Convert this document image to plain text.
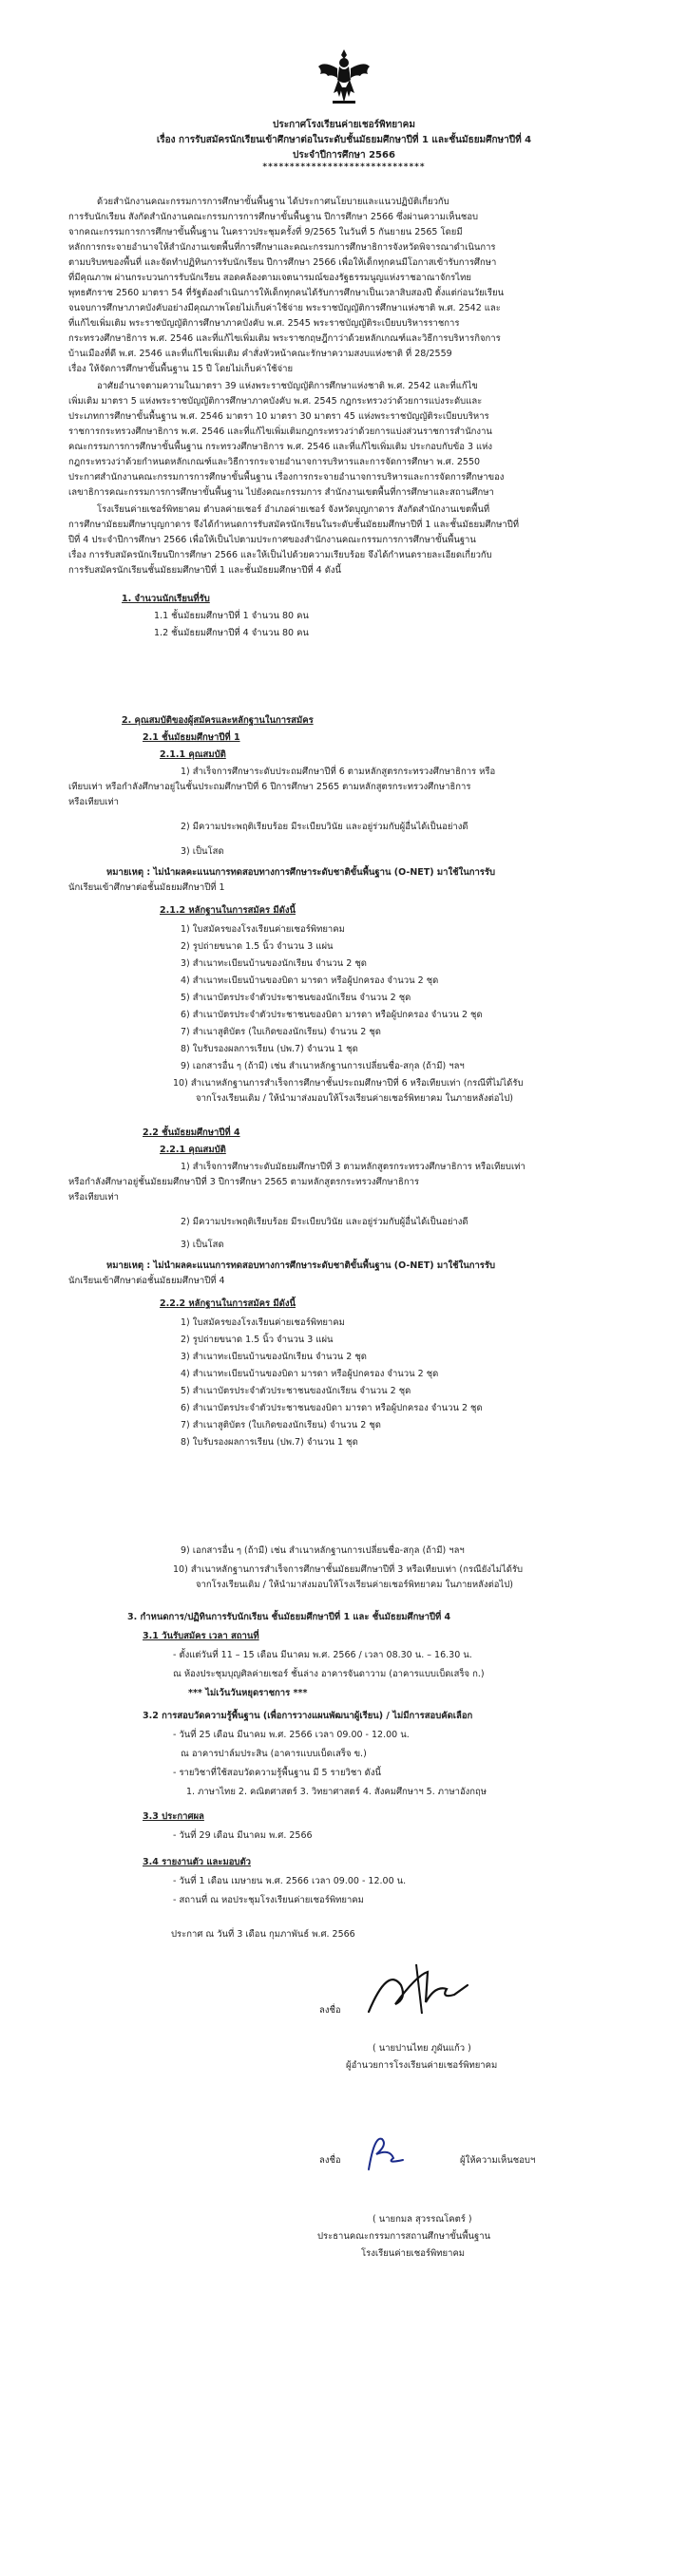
ประกาศโรงเรียนค่ายเชอร์พิทยาคม
เรื่อง การรับสมัครนักเรียนเข้าศึกษาต่อในระดับชั้นมัธยมศึกษาปีที่ 1 และชั้นมัธยมศึกษาปีที่ 4
ประจำปีการศึกษา 2566
******************************
ด้วยสำนักงานคณะกรรมการการศึกษาขั้นพื้นฐาน ได้ประกาศนโยบายและแนวปฏิบัติเกี่ยวกับ
การรับนักเรียน สังกัดสำนักงานคณะกรรมการการศึกษาขั้นพื้นฐาน ปีการศึกษา 2566 ซึ่งผ่านความเห็นชอบ
จากคณะกรรมการการศึกษาขั้นพื้นฐาน ในคราวประชุมครั้งที่ 9/2565 ในวันที่ 5 กันยายน 2565 โดยมี
หลักการกระจายอำนาจให้สำนักงานเขตพื้นที่การศึกษาและคณะกรรมการศึกษาธิการจังหวัดพิจารณาดำเนินการ
ตามบริบทของพื้นที่ และจัดทำปฏิทินการรับนักเรียน ปีการศึกษา 2566 เพื่อให้เด็กทุกคนมีโอกาสเข้ารับการศึกษา
ที่มีคุณภาพ ผ่านกระบวนการรับนักเรียน สอดคล้องตามเจตนารมณ์ของรัฐธรรมนูญแห่งราชอาณาจักรไทย
พุทธศักราช 2560 มาตรา 54 ที่รัฐต้องดำเนินการให้เด็กทุกคนได้รับการศึกษาเป็นเวลาสิบสองปี ตั้งแต่ก่อนวัยเรียน
จนจบการศึกษาภาคบังคับอย่างมีคุณภาพโดยไม่เก็บค่าใช้จ่าย พระราชบัญญัติการศึกษาแห่งชาติ พ.ศ. 2542 และ
ที่แก้ไขเพิ่มเติม พระราชบัญญัติการศึกษาภาคบังคับ พ.ศ. 2545 พระราชบัญญัติระเบียบบริหารราชการ
กระทรวงศึกษาธิการ พ.ศ. 2546 และที่แก้ไขเพิ่มเติม พระราชกฤษฎีกาว่าด้วยหลักเกณฑ์และวิธีการบริหารกิจการ
บ้านเมืองที่ดี พ.ศ. 2546 และที่แก้ไขเพิ่มเติม คำสั่งหัวหน้าคณะรักษาความสงบแห่งชาติ ที่ 28/2559
เรื่อง ให้จัดการศึกษาขั้นพื้นฐาน 15 ปี โดยไม่เก็บค่าใช้จ่าย
อาศัยอำนาจตามความในมาตรา 39 แห่งพระราชบัญญัติการศึกษาแห่งชาติ พ.ศ. 2542 และที่แก้ไข
เพิ่มเติม มาตรา 5 แห่งพระราชบัญญัติการศึกษาภาคบังคับ พ.ศ. 2545 กฎกระทรวงว่าด้วยการแบ่งระดับและ
ประเภทการศึกษาขั้นพื้นฐาน พ.ศ. 2546 มาตรา 10 มาตรา 30 มาตรา 45 แห่งพระราชบัญญัติระเบียบบริหาร
ราชการกระทรวงศึกษาธิการ พ.ศ. 2546 และที่แก้ไขเพิ่มเติมกฎกระทรวงว่าด้วยการแบ่งส่วนราชการสำนักงาน
คณะกรรมการการศึกษาขั้นพื้นฐาน กระทรวงศึกษาธิการ พ.ศ. 2546 และที่แก้ไขเพิ่มเติม ประกอบกับข้อ 3 แห่ง
กฎกระทรวงว่าด้วยกำหนดหลักเกณฑ์และวิธีการกระจายอำนาจการบริหารและการจัดการศึกษา พ.ศ. 2550
ประกาศสำนักงานคณะกรรมการการศึกษาขั้นพื้นฐาน เรื่องการกระจายอำนาจการบริหารและการจัดการศึกษาของ
เลขาธิการคณะกรรมการการศึกษาขั้นพื้นฐาน ไปยังคณะกรรมการ สำนักงานเขตพื้นที่การศึกษาและสถานศึกษา
โรงเรียนค่ายเชอร์พิทยาคม ตำบลค่ายเชอร์ อำเภอค่ายเชอร์ จังหวัดบุญกาดาร สังกัดสำนักงานเขตพื้นที่
การศึกษามัธยมศึกษาบุญกาดาร จึงได้กำหนดการรับสมัครนักเรียนในระดับชั้นมัธยมศึกษาปีที่ 1 และชั้นมัธยมศึกษาปีที่
ปีที่ 4 ประจำปีการศึกษา 2566 เพื่อให้เป็นไปตามประกาศของสำนักงานคณะกรรมการการศึกษาขั้นพื้นฐาน
เรื่อง การรับสมัครนักเรียนปีการศึกษา 2566 และให้เป็นไปด้วยความเรียบร้อย จึงได้กำหนดรายละเอียดเกี่ยวกับ
การรับสมัครนักเรียนชั้นมัธยมศึกษาปีที่ 1 และชั้นมัธยมศึกษาปีที่ 4 ดังนี้
1. จำนวนนักเรียนที่รับ
1.1 ชั้นมัธยมศึกษาปีที่ 1 จำนวน 80 คน
1.2 ชั้นมัธยมศึกษาปีที่ 4 จำนวน 80 คน
2. คุณสมบัติของผู้สมัครและหลักฐานในการสมัคร
2.1 ชั้นมัธยมศึกษาปีที่ 1
2.1.1 คุณสมบัติ
1) สำเร็จการศึกษาระดับประถมศึกษาปีที่ 6 ตามหลักสูตรกระทรวงศึกษาธิการ หรือ
เทียบเท่า หรือกำลังศึกษาอยู่ในชั้นประถมศึกษาปีที่ 6 ปีการศึกษา 2565 ตามหลักสูตรกระทรวงศึกษาธิการ
หรือเทียบเท่า
2) มีความประพฤติเรียบร้อย มีระเบียบวินัย และอยู่ร่วมกับผู้อื่นได้เป็นอย่างดี
3) เป็นโสด
หมายเหตุ : ไม่นำผลคะแนนการทดสอบทางการศึกษาระดับชาติขั้นพื้นฐาน (O-NET) มาใช้ในการรับ
นักเรียนเข้าศึกษาต่อชั้นมัธยมศึกษาปีที่ 1
2.1.2 หลักฐานในการสมัคร มีดังนี้
1) ใบสมัครของโรงเรียนค่ายเชอร์พิทยาคม
2) รูปถ่ายขนาด 1.5 นิ้ว จำนวน 3 แผ่น
3) สำเนาทะเบียนบ้านของนักเรียน จำนวน 2 ชุด
4) สำเนาทะเบียนบ้านของบิดา มารดา หรือผู้ปกครอง จำนวน 2 ชุด
5) สำเนาบัตรประจำตัวประชาชนของนักเรียน จำนวน 2 ชุด
6) สำเนาบัตรประจำตัวประชาชนของบิดา มารดา หรือผู้ปกครอง จำนวน 2 ชุด
7) สำเนาสูติบัตร (ใบเกิดของนักเรียน) จำนวน 2 ชุด
8) ใบรับรองผลการเรียน (ปพ.7) จำนวน 1 ชุด
9) เอกสารอื่น ๆ (ถ้ามี) เช่น สำเนาหลักฐานการเปลี่ยนชื่อ-สกุล (ถ้ามี) ฯลฯ
10) สำเนาหลักฐานการสำเร็จการศึกษาชั้นประถมศึกษาปีที่ 6 หรือเทียบเท่า (กรณีที่ไม่ได้รับ
จากโรงเรียนเดิม / ให้นำมาส่งมอบให้โรงเรียนค่ายเชอร์พิทยาคม ในภายหลังต่อไป)
2.2 ชั้นมัธยมศึกษาปีที่ 4
2.2.1 คุณสมบัติ
1) สำเร็จการศึกษาระดับมัธยมศึกษาปีที่ 3 ตามหลักสูตรกระทรวงศึกษาธิการ หรือเทียบเท่า
หรือกำลังศึกษาอยู่ชั้นมัธยมศึกษาปีที่ 3 ปีการศึกษา 2565 ตามหลักสูตรกระทรวงศึกษาธิการ
หรือเทียบเท่า
2) มีความประพฤติเรียบร้อย มีระเบียบวินัย และอยู่ร่วมกับผู้อื่นได้เป็นอย่างดี
3) เป็นโสด
หมายเหตุ : ไม่นำผลคะแนนการทดสอบทางการศึกษาระดับชาติขั้นพื้นฐาน (O-NET) มาใช้ในการรับ
นักเรียนเข้าศึกษาต่อชั้นมัธยมศึกษาปีที่ 4
2.2.2 หลักฐานในการสมัคร มีดังนี้
1) ใบสมัครของโรงเรียนค่ายเชอร์พิทยาคม
2) รูปถ่ายขนาด 1.5 นิ้ว จำนวน 3 แผ่น
3) สำเนาทะเบียนบ้านของนักเรียน จำนวน 2 ชุด
4) สำเนาทะเบียนบ้านของบิดา มารดา หรือผู้ปกครอง จำนวน 2 ชุด
5) สำเนาบัตรประจำตัวประชาชนของนักเรียน จำนวน 2 ชุด
6) สำเนาบัตรประจำตัวประชาชนของบิดา มารดา หรือผู้ปกครอง จำนวน 2 ชุด
7) สำเนาสูติบัตร (ใบเกิดของนักเรียน) จำนวน 2 ชุด
8) ใบรับรองผลการเรียน (ปพ.7) จำนวน 1 ชุด
9) เอกสารอื่น ๆ (ถ้ามี) เช่น สำเนาหลักฐานการเปลี่ยนชื่อ-สกุล (ถ้ามี) ฯลฯ
10) สำเนาหลักฐานการสำเร็จการศึกษาชั้นมัธยมศึกษาปีที่ 3 หรือเทียบเท่า (กรณียังไม่ได้รับ
จากโรงเรียนเดิม / ให้นำมาส่งมอบให้โรงเรียนค่ายเชอร์พิทยาคม ในภายหลังต่อไป)
3. กำหนดการ/ปฏิทินการรับนักเรียน ชั้นมัธยมศึกษาปีที่ 1 และ ชั้นมัธยมศึกษาปีที่ 4
3.1 วันรับสมัคร เวลา สถานที่
- ตั้งแต่วันที่ 11 – 15 เดือน มีนาคม พ.ศ. 2566 / เวลา 08.30 น. – 16.30 น.
ณ ห้องประชุมบุญศิลค่ายเชอร์ ชั้นล่าง อาคารจันดาวาม (อาคารแบบเบ็ดเสร็จ ก.)
*** ไม่เว้นวันหยุดราชการ ***
3.2 การสอบวัดความรู้พื้นฐาน (เพื่อการวางแผนพัฒนาผู้เรียน) / ไม่มีการสอบคัดเลือก
- วันที่ 25 เดือน มีนาคม พ.ศ. 2566 เวลา 09.00 - 12.00 น.
ณ อาคารปาล์มประสิน (อาคารแบบเบ็ดเสร็จ ข.)
- รายวิชาที่ใช้สอบวัดความรู้พื้นฐาน มี 5 รายวิชา ดังนี้
1. ภาษาไทย 2. คณิตศาสตร์ 3. วิทยาศาสตร์ 4. สังคมศึกษาฯ 5. ภาษาอังกฤษ
3.3 ประกาศผล
- วันที่ 29 เดือน มีนาคม พ.ศ. 2566
3.4 รายงานตัว และมอบตัว
- วันที่ 1 เดือน เมษายน พ.ศ. 2566 เวลา 09.00 - 12.00 น.
- สถานที่ ณ หอประชุมโรงเรียนค่ายเชอร์พิทยาคม
ประกาศ ณ วันที่ 3 เดือน กุมภาพันธ์ พ.ศ. 2566
ลงชื่อ
( นายปานไทย ภูผันแก้ว )
ผู้อำนวยการโรงเรียนค่ายเชอร์พิทยาคม
ลงชื่อ	ผู้ให้ความเห็นชอบฯ
( นายกมล สุวรรณโคตร์ )
ประธานคณะกรรมการสถานศึกษาขั้นพื้นฐาน
โรงเรียนค่ายเชอร์พิทยาคม
